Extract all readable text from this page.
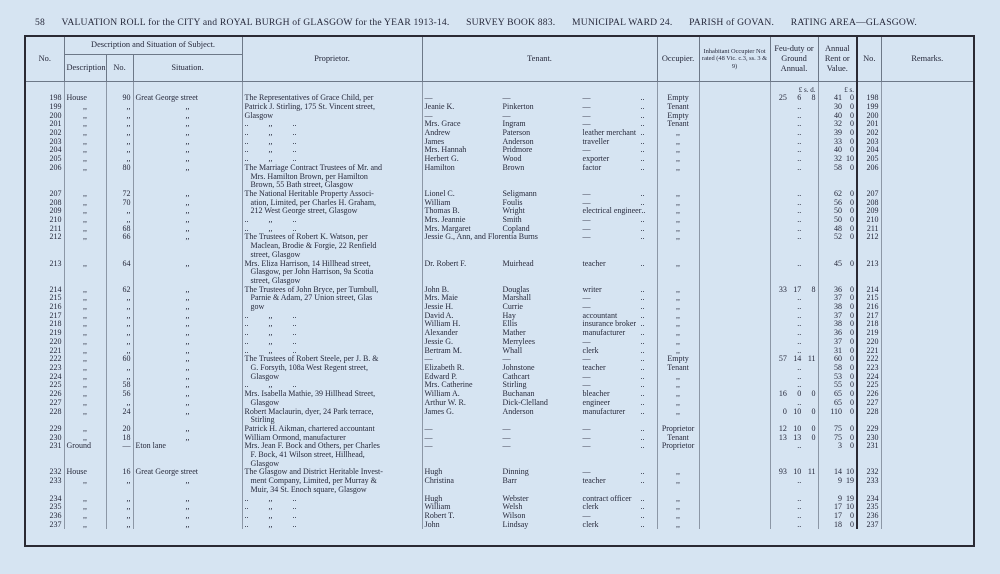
58 VALUATION ROLL for the CITY and ROYAL BURGH of GLASGOW for the YEAR 1913-14. SURVEY BOOK 883. MUNICIPAL WARD 24. PARISH of GOVAN. RATING AREA—GLASGOW.
No.	Description and Situation of Subject.			Proprietor.	Tenant.	Occupier.	Inhabitant Occupier Not rated (48 Vic. c.3, ss. 3 & 9)	Feu-duty or Ground Annual.	Annual Rent or Value.	No.	Remarks.
	Description	No.	Situation.								
								£ s. d.	£ s.		
198	House	90	Great George street	The Representatives of Grace Child, per	— — — ..	Empty		25 6 8	41 0	198	
199	,,	,,	,,	Patrick J. Stirling, 175 St. Vincent street,	Jeanie K. Pinkerton — ..	Tenant		..	30 0	199	
200	,,	,,	,,	Glasgow	— — — ..	Empty		..	40 0	200	
201	,,	,,	,,	..          ,,          ..	Mrs. Grace Ingram — ..	Tenant		..	32 0	201	
202	,,	,,	,,	..          ,,          ..	Andrew Paterson leather merchant ..	,,		..	39 0	202	
203	,,	,,	,,	..          ,,          ..	James Anderson traveller ..	,,		..	33 0	203	
204	,,	,,	,,	..          ,,          ..	Mrs. Hannah Pridmore — ..	,,		..	40 0	204	
205	,,	,,	,,	..          ,,          ..	Herbert G. Wood exporter ..	,,		..	32 10	205	
206	,,	80	,,	The Marriage Contract Trustees of Mr. and	Hamilton Brown factor ..	,,		..	58 0	206	
				Mrs. Hamilton Brown, per Hamilton							
				Brown, 55 Bath street, Glasgow							
207	,,	72	,,	The National Heritable Property Associ-	Lionel C. Seligmann — ..	,,		..	62 0	207	
208	,,	70	,,	ation, Limited, per Charles H. Graham,	William Foulis — ..	,,		..	56 0	208	
209	,,	,,	,,	212 West George street, Glasgow	Thomas B. Wright electrical engineer ..	,,		..	50 0	209	
210	,,	,,	,,	..          ,,          ..	Mrs. Jeannie Smith — ..	,,		..	50 0	210	
211	,,	68	,,	..          ,,          ..	Mrs. Margaret Copland — ..	,,		..	48 0	211	
212	,,	66	,,	The Trustees of Robert K. Watson, per	Jessie G., Ann, and Florentia Burns — ..	,,		..	52 0	212	
				Maclean, Brodie & Forgie, 22 Renfield							
				street, Glasgow							
213	,,	64	,,	Mrs. Eliza Harrison, 14 Hillhead street,	Dr. Robert F. Muirhead teacher ..	,,		..	45 0	213	
				Glasgow, per John Harrison, 9a Scotia							
				street, Glasgow							
214	,,	62	,,	The Trustees of John Bryce, per Turnbull,	John B. Douglas writer ..	,,		33 17 8	36 0	214	
215	,,	,,	,,	Parnie & Adam, 27 Union street, Glas	Mrs. Maie Marshall — ..	,,		..	37 0	215	
216	,,	,,	,,	gow	Jessie H. Currie — ..	,,		..	38 0	216	
217	,,	,,	,,	..          ,,          ..	David A. Hay accountant ..	,,		..	37 0	217	
218	,,	,,	,,	..          ,,          ..	William H. Ellis insurance broker ..	,,		..	38 0	218	
219	,,	,,	,,	..          ,,          ..	Alexander Mather manufacturer ..	,,		..	36 0	219	
220	,,	,,	,,	..          ,,          ..	Jessie G. Merrylees — ..	,,		..	37 0	220	
221	,,	,,	,,	..          ,,          ..	Bertram M. Whall clerk ..	,,		..	31 0	221	
222	,,	60	,,	The Trustees of Robert Steele, per J. B. &	— — — ..	Empty		57 14 11	60 0	222	
223	,,	,,	,,	G. Forsyth, 108a West Regent street,	Elizabeth R. Johnstone teacher ..	Tenant		..	58 0	223	
224	,,	,,	,,	Glasgow	Edward P. Cathcart — ..	,,		..	53 0	224	
225	,,	58	,,	..          ,,          ..	Mrs. Catherine Stirling — ..	,,		..	55 0	225	
226	,,	56	,,	Mrs. Isabella Mathie, 39 Hillhead Street,	William A. Buchanan bleacher ..	,,		16 0 0	65 0	226	
227	,,	,,	,,	Glasgow	Arthur W. R. Dick-Clelland engineer ..	,,		..	65 0	227	
228	,,	24	,,	Robert Maclaurin, dyer, 24 Park terrace,	James G. Anderson manufacturer ..	,,		0 10 0	110 0	228	
				Stirling							
229	,,	20	,,	Patrick H. Aikman, chartered accountant	— — — ..	Proprietor		12 10 0	75 0	229	
230	,,	18	,,	William Ormond, manufacturer	— — — ..	Tenant		13 13 0	75 0	230	
231	Ground	—	Eton lane	Mrs. Jean F. Bock and Others, per Charles	— — — ..	Proprietor		..	3 0	231	
				F. Bock, 41 Wilson street, Hillhead,							
				Glasgow							
232	House	16	Great George street	The Glasgow and District Heritable Invest-	Hugh Dinning — ..	,,		93 10 11	14 10	232	
233	,,	,,	,,	ment Company, Limited, per Murray &	Christina Barr teacher ..	,,		..	9 19	233	
				Muir, 34 St. Enoch square, Glasgow							
234	,,	,,	,,	..          ,,          ..	Hugh Webster contract officer ..	,,		..	9 19	234	
235	,,	,,	,,	..          ,,          ..	William Welsh clerk ..	,,		..	17 10	235	
236	,,	,,	,,	..          ,,          ..	Robert T. Wilson — ..	,,		..	17 0	236	
237	,,	,,	,,	..          ,,          ..	John Lindsay clerk ..	,,		..	18 0	237	
